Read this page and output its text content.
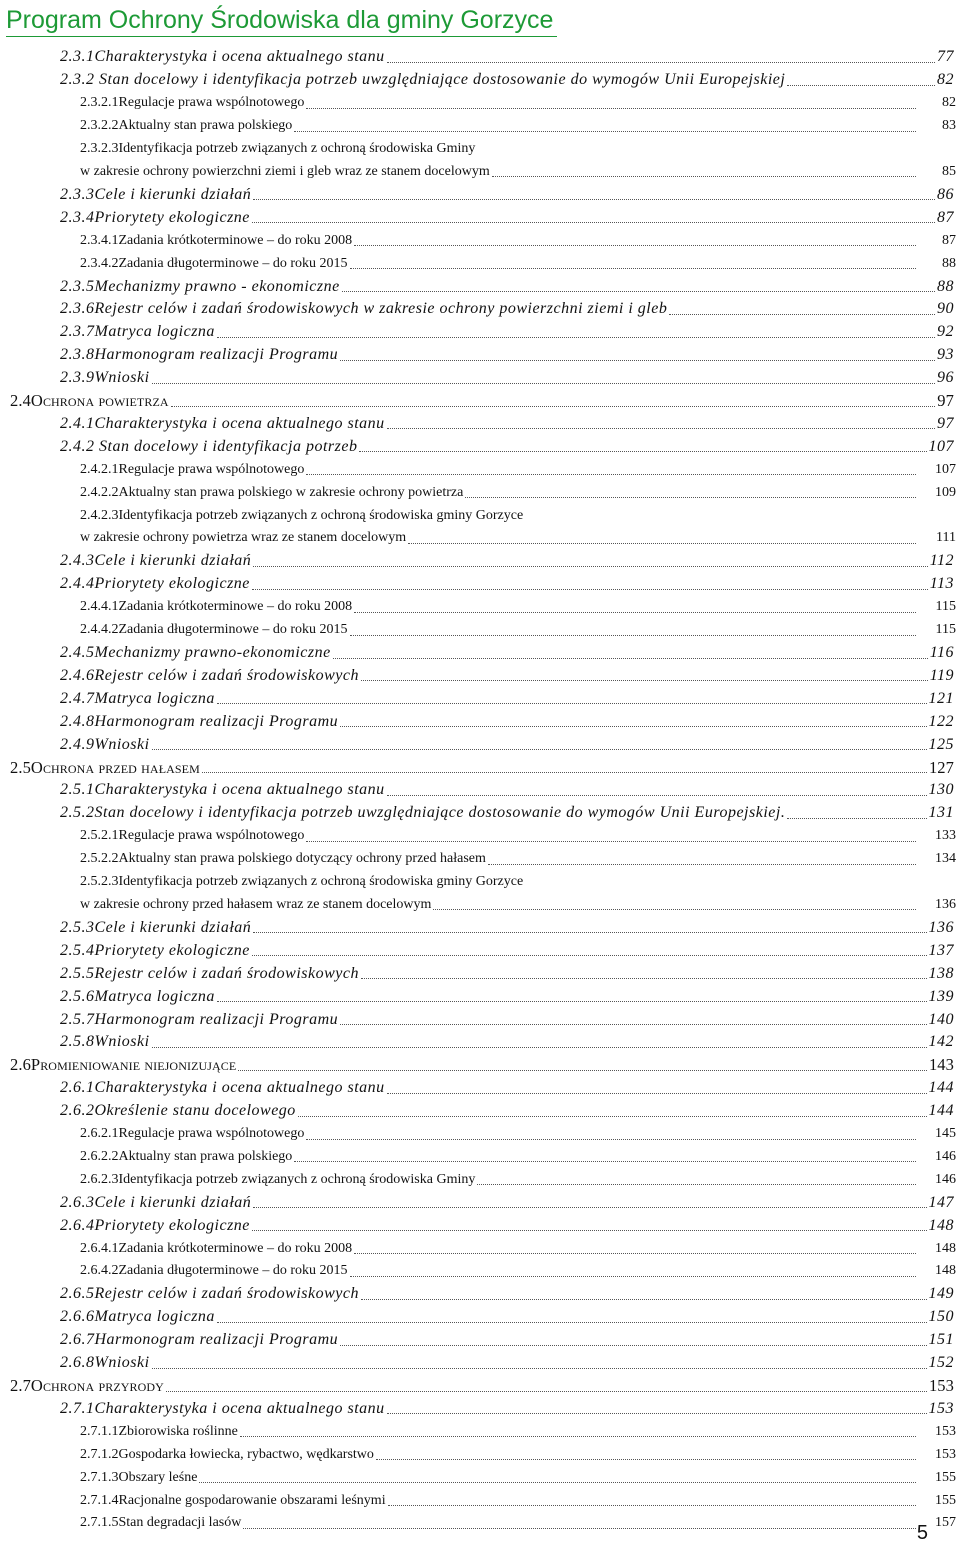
Program Ochrony Środowiska dla gminy Gorzyce
2.3.1Charakterystyka i ocena aktualnego stanu	77
2.3.2 Stan docelowy i identyfikacja potrzeb uwzględniające dostosowanie do wymogów Unii Europejskiej	82
2.3.2.1Regulacje prawa wspólnotowego	82
2.3.2.2Aktualny stan prawa polskiego	83
2.3.2.3Identyfikacja potrzeb związanych z ochroną środowiska Gminy
w zakresie ochrony powierzchni ziemi i gleb wraz ze stanem docelowym	85
2.3.3Cele i kierunki działań	86
2.3.4Priorytety ekologiczne	87
2.3.4.1Zadania krótkoterminowe – do roku 2008	87
2.3.4.2Zadania długoterminowe – do roku 2015	88
2.3.5Mechanizmy prawno - ekonomiczne	88
2.3.6Rejestr celów i zadań środowiskowych w zakresie ochrony powierzchni ziemi i gleb	90
2.3.7Matryca logiczna	92
2.3.8Harmonogram realizacji Programu	93
2.3.9Wnioski	96
2.4Ochrona powietrza	97
2.4.1Charakterystyka i ocena aktualnego stanu	97
2.4.2 Stan docelowy i identyfikacja potrzeb	107
2.4.2.1Regulacje prawa wspólnotowego	107
2.4.2.2Aktualny stan prawa polskiego w zakresie ochrony powietrza	109
2.4.2.3Identyfikacja potrzeb związanych z ochroną środowiska gminy Gorzyce
w zakresie ochrony powietrza wraz ze stanem docelowym	111
2.4.3Cele i kierunki działań	112
2.4.4Priorytety ekologiczne	113
2.4.4.1Zadania krótkoterminowe – do roku 2008	115
2.4.4.2Zadania długoterminowe – do roku 2015	115
2.4.5Mechanizmy prawno-ekonomiczne	116
2.4.6Rejestr celów i zadań środowiskowych	119
2.4.7Matryca logiczna	121
2.4.8Harmonogram realizacji Programu	122
2.4.9Wnioski	125
2.5Ochrona przed hałasem	127
2.5.1Charakterystyka i ocena aktualnego stanu	130
2.5.2Stan docelowy i identyfikacja potrzeb uwzględniające dostosowanie do wymogów Unii Europejskiej.	131
2.5.2.1Regulacje prawa wspólnotowego	133
2.5.2.2Aktualny stan prawa polskiego dotyczący ochrony przed hałasem	134
2.5.2.3Identyfikacja potrzeb związanych z ochroną środowiska gminy Gorzyce
w zakresie ochrony przed hałasem wraz ze stanem docelowym	136
2.5.3Cele i kierunki działań	136
2.5.4Priorytety ekologiczne	137
2.5.5Rejestr celów i zadań środowiskowych	138
2.5.6Matryca logiczna	139
2.5.7Harmonogram realizacji Programu	140
2.5.8Wnioski	142
2.6Promieniowanie niejonizujące	143
2.6.1Charakterystyka i ocena aktualnego stanu	144
2.6.2Określenie stanu docelowego	144
2.6.2.1Regulacje prawa wspólnotowego	145
2.6.2.2Aktualny stan prawa polskiego	146
2.6.2.3Identyfikacja potrzeb związanych z ochroną środowiska Gminy	146
2.6.3Cele i kierunki działań	147
2.6.4Priorytety ekologiczne	148
2.6.4.1Zadania krótkoterminowe – do roku 2008	148
2.6.4.2Zadania długoterminowe – do roku 2015	148
2.6.5Rejestr celów i zadań środowiskowych	149
2.6.6Matryca logiczna	150
2.6.7Harmonogram realizacji Programu	151
2.6.8Wnioski	152
2.7Ochrona przyrody	153
2.7.1Charakterystyka i ocena aktualnego stanu	153
2.7.1.1Zbiorowiska roślinne	153
2.7.1.2Gospodarka łowiecka, rybactwo, wędkarstwo	153
2.7.1.3Obszary leśne	155
2.7.1.4Racjonalne gospodarowanie obszarami leśnymi	155
2.7.1.5Stan degradacji lasów	157
5
